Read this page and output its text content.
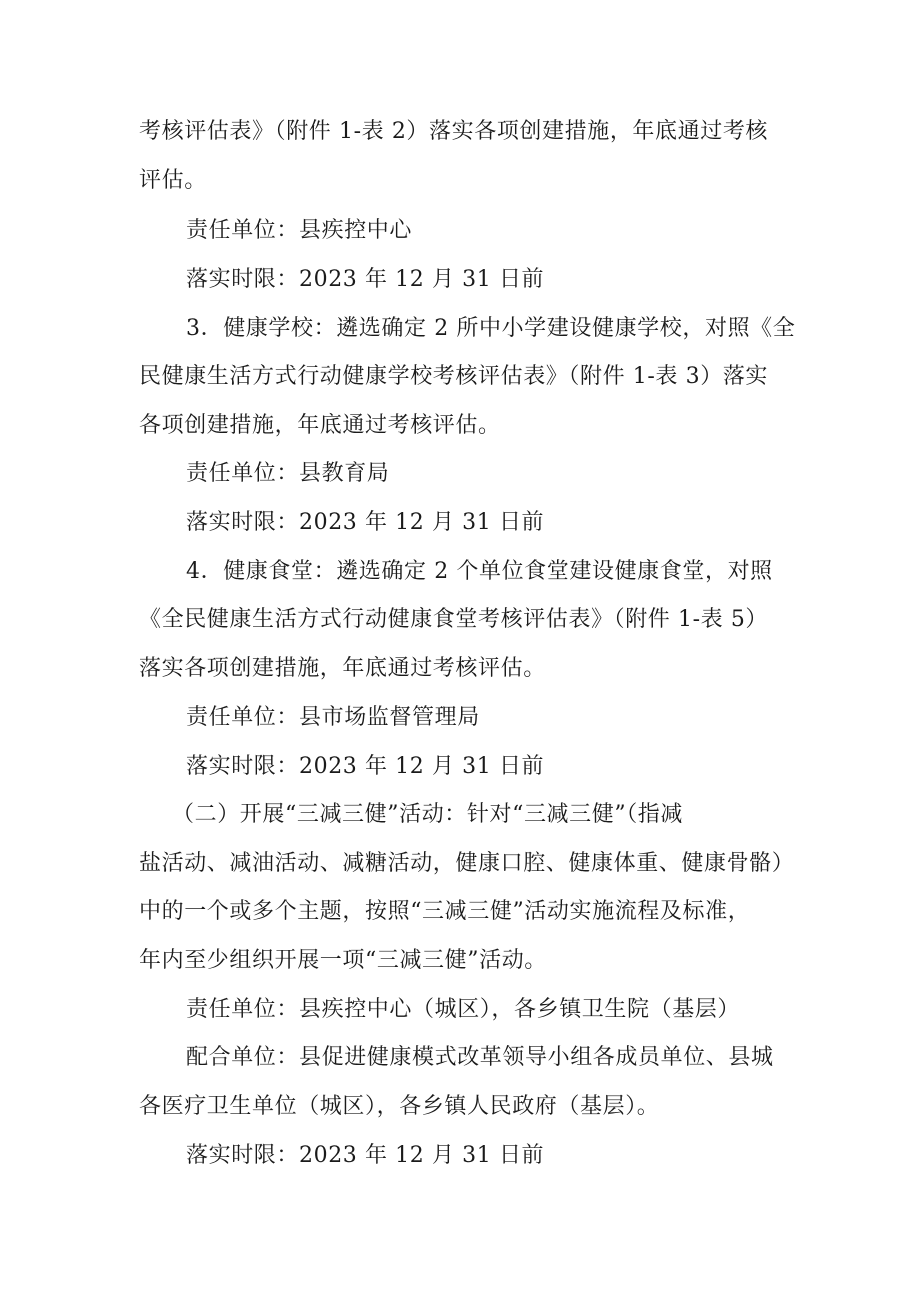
考核评估表》（附件 1-表 2）落实各项创建措施，年底通过考核
评估。
责任单位：县疾控中心
落实时限：2023 年 12 月 31 日前
3．健康学校：遴选确定 2 所中小学建设健康学校，对照《全
民健康生活方式行动健康学校考核评估表》（附件 1-表 3）落实
各项创建措施，年底通过考核评估。
责任单位：县教育局
落实时限：2023 年 12 月 31 日前
4．健康食堂：遴选确定 2 个单位食堂建设健康食堂，对照
《全民健康生活方式行动健康食堂考核评估表》（附件 1-表 5）
落实各项创建措施，年底通过考核评估。
责任单位：县市场监督管理局
落实时限：2023 年 12 月 31 日前
（二）开展“三减三健”活动：针对“三减三健”（指减
盐活动、减油活动、减糖活动，健康口腔、健康体重、健康骨骼）
中的一个或多个主题，按照“三减三健”活动实施流程及标准，
年内至少组织开展一项“三减三健”活动。
责任单位：县疾控中心（城区），各乡镇卫生院（基层）
配合单位：县促进健康模式改革领导小组各成员单位、县城
各医疗卫生单位（城区），各乡镇人民政府（基层）。
落实时限：2023 年 12 月 31 日前
